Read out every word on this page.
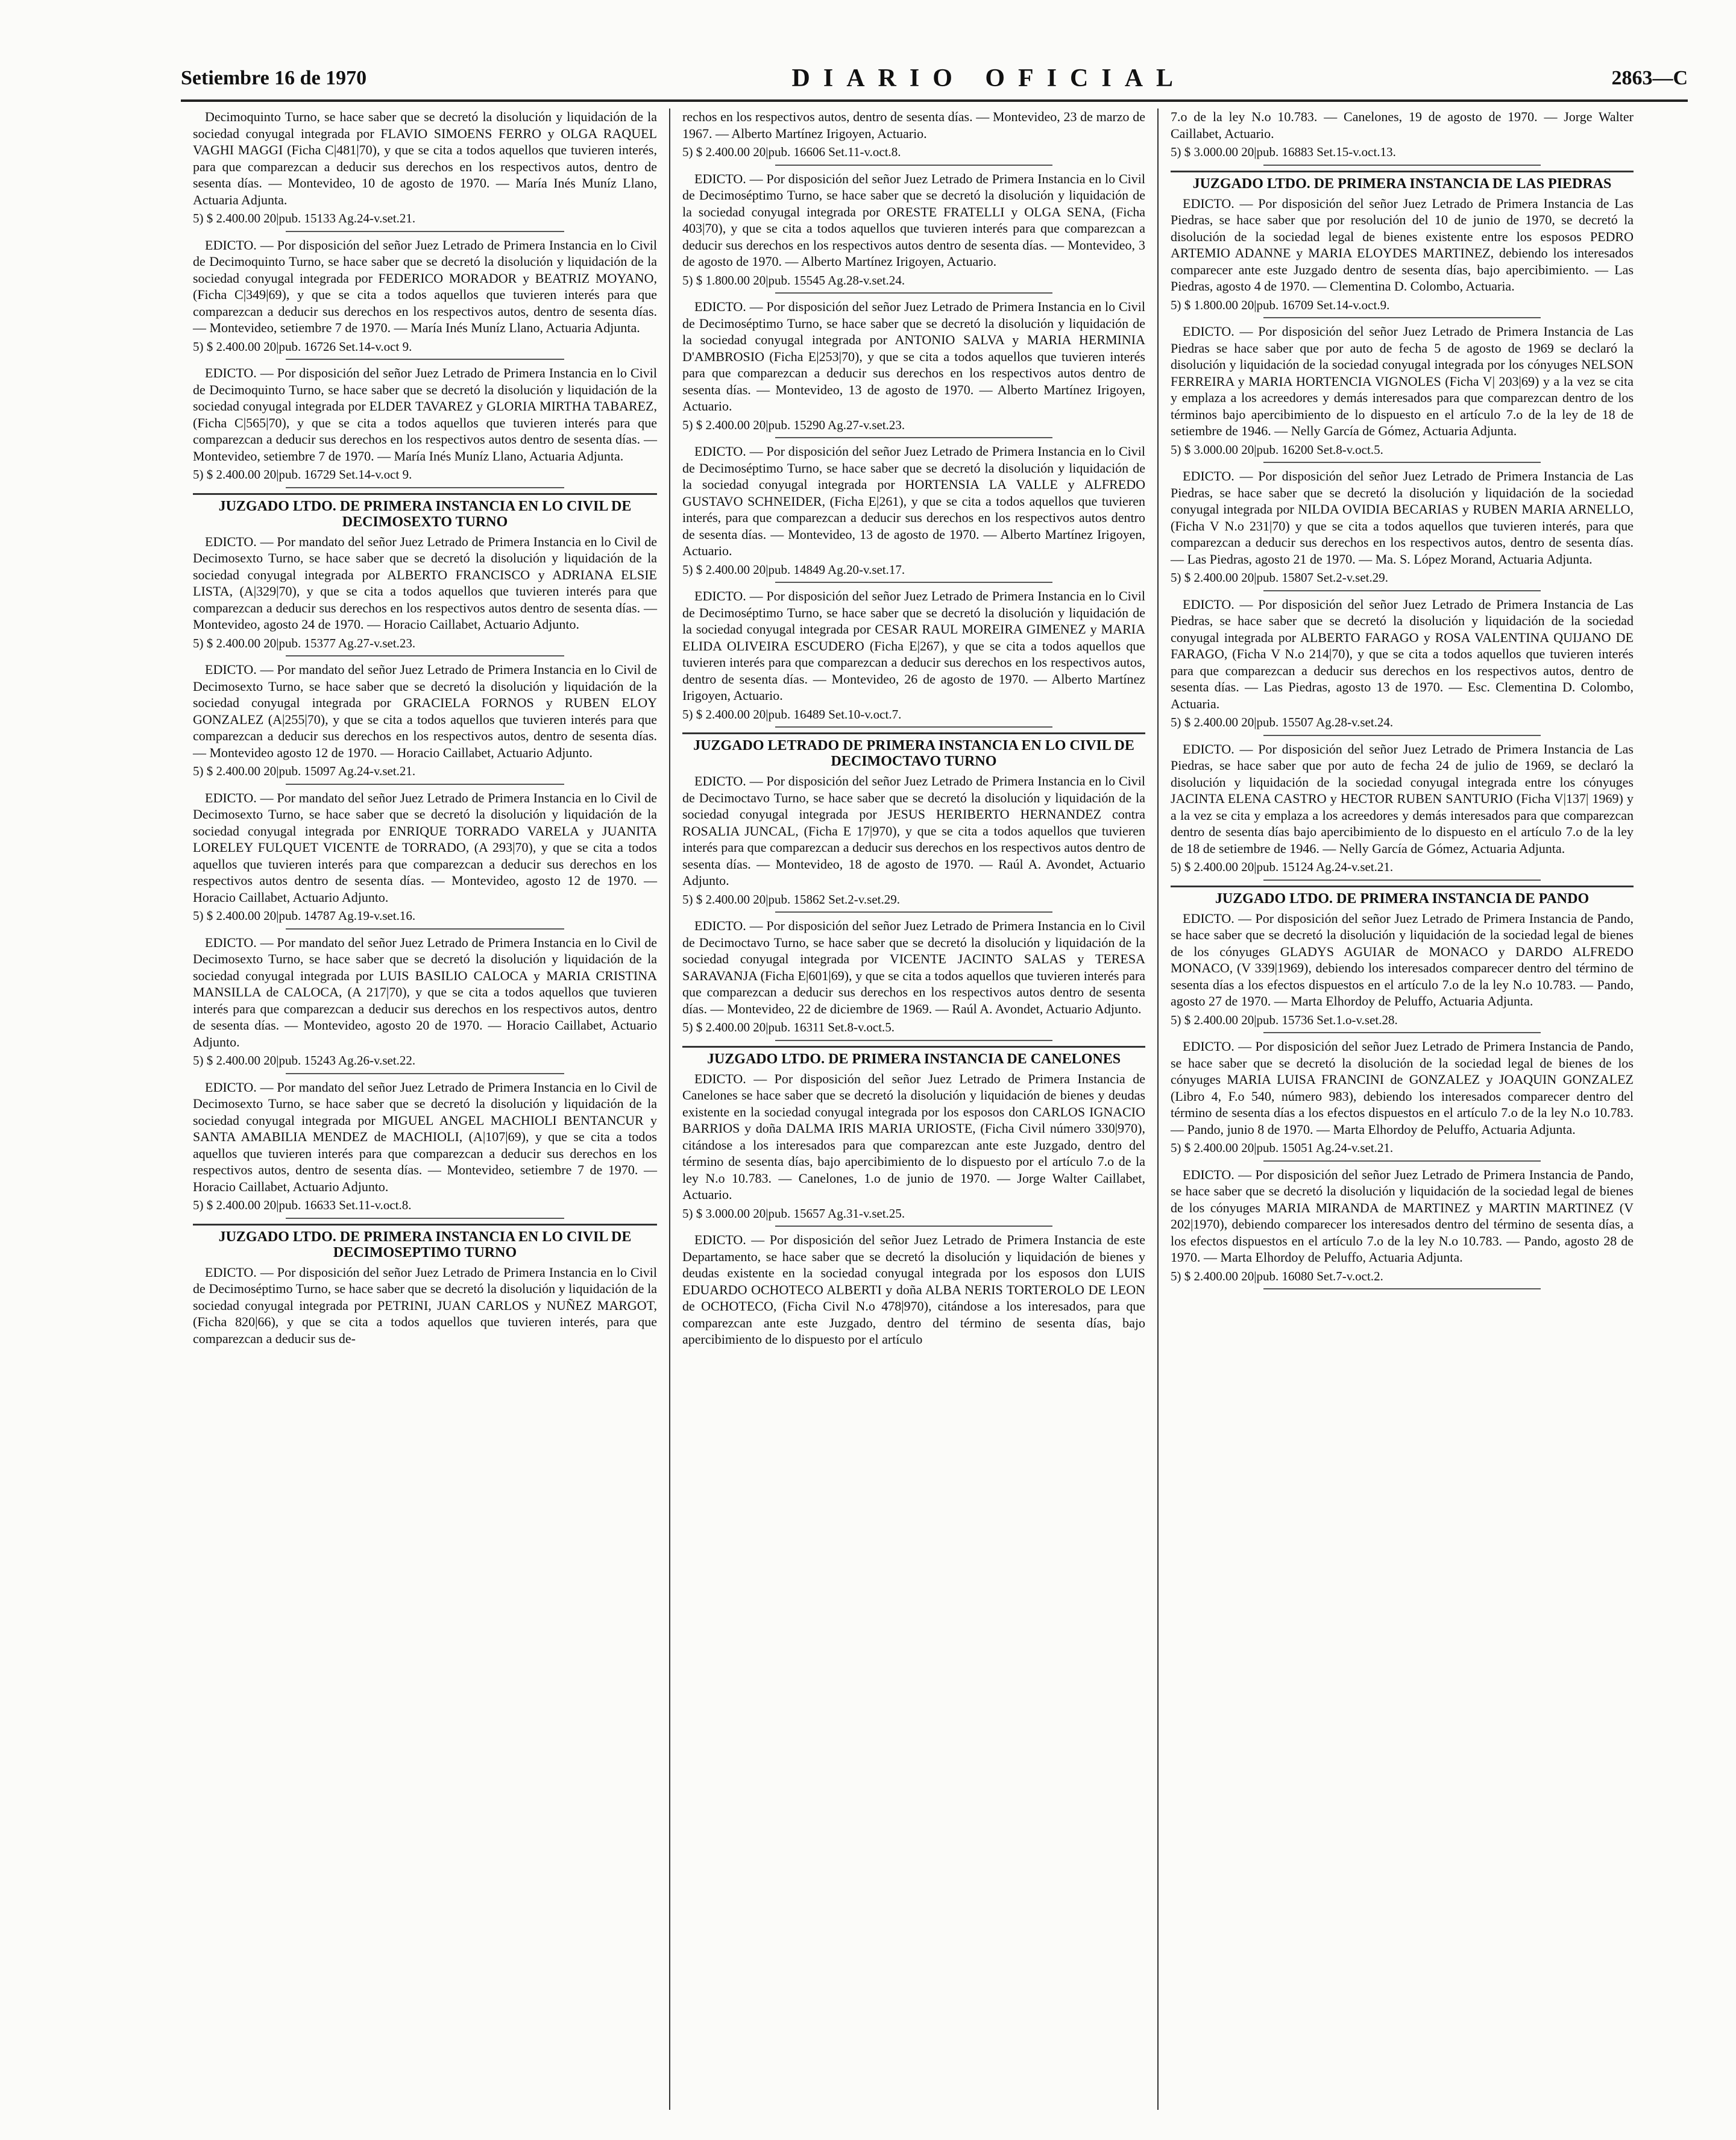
Setiembre 16 de 1970	DIARIO OFICIAL	2863—C

Decimoquinto Turno, se hace saber que se decretó la disolución y liquidación de la sociedad conyugal integrada por FLAVIO SIMOENS FERRO y OLGA RAQUEL VAGHI MAGGI (Ficha C|481|70), y que se cita a todos aquellos que tuvieren interés, para que comparezcan a deducir sus derechos en los respectivos autos, dentro de sesenta días. — Montevideo, 10 de agosto de 1970. — María Inés Muníz Llano, Actuaria Adjunta.

5) $ 2.400.00 20|pub. 15133 Ag.24-v.set.21.

EDICTO. — Por disposición del señor Juez Letrado de Primera Instancia en lo Civil de Decimoquinto Turno, se hace saber que se decretó la disolución y liquidación de la sociedad conyugal integrada por FEDERICO MORADOR y BEATRIZ MOYANO, (Ficha C|349|69), y que se cita a todos aquellos que tuvieren interés para que comparezcan a deducir sus derechos en los respectivos autos, dentro de sesenta días. — Montevideo, setiembre 7 de 1970. — María Inés Muníz Llano, Actuaria Adjunta.

5) $ 2.400.00 20|pub. 16726 Set.14-v.oct 9.

EDICTO. — Por disposición del señor Juez Letrado de Primera Instancia en lo Civil de Decimoquinto Turno, se hace saber que se decretó la disolución y liquidación de la sociedad conyugal integrada por ELDER TAVAREZ y GLORIA MIRTHA TABAREZ, (Ficha C|565|70), y que se cita a todos aquellos que tuvieren interés para que comparezcan a deducir sus derechos en los respectivos autos dentro de sesenta días. — Montevideo, setiembre 7 de 1970. — María Inés Muníz Llano, Actuaria Adjunta.

5) $ 2.400.00 20|pub. 16729 Set.14-v.oct 9.
JUZGADO LTDO. DE PRIMERA INSTANCIA EN LO CIVIL DE DECIMOSEXTO TURNO

EDICTO. — Por mandato del señor Juez Letrado de Primera Instancia en lo Civil de Decimosexto Turno, se hace saber que se decretó la disolución y liquidación de la sociedad conyugal integrada por ALBERTO FRANCISCO y ADRIANA ELSIE LISTA, (A|329|70), y que se cita a todos aquellos que tuvieren interés para que comparezcan a deducir sus derechos en los respectivos autos dentro de sesenta días. — Montevideo, agosto 24 de 1970. — Horacio Caillabet, Actuario Adjunto.

5) $ 2.400.00 20|pub. 15377 Ag.27-v.set.23.

EDICTO. — Por mandato del señor Juez Letrado de Primera Instancia en lo Civil de Decimosexto Turno, se hace saber que se decretó la disolución y liquidación de la sociedad conyugal integrada por GRACIELA FORNOS y RUBEN ELOY GONZALEZ (A|255|70), y que se cita a todos aquellos que tuvieren interés para que comparezcan a deducir sus derechos en los respectivos autos, dentro de sesenta días. — Montevideo agosto 12 de 1970. — Horacio Caillabet, Actuario Adjunto.

5) $ 2.400.00 20|pub. 15097 Ag.24-v.set.21.

EDICTO. — Por mandato del señor Juez Letrado de Primera Instancia en lo Civil de Decimosexto Turno, se hace saber que se decretó la disolución y liquidación de la sociedad conyugal integrada por ENRIQUE TORRADO VARELA y JUANITA LORELEY FULQUET VICENTE de TORRADO, (A 293|70), y que se cita a todos aquellos que tuvieren interés para que comparezcan a deducir sus derechos en los respectivos autos dentro de sesenta días. — Montevideo, agosto 12 de 1970. — Horacio Caillabet, Actuario Adjunto.

5) $ 2.400.00 20|pub. 14787 Ag.19-v.set.16.

EDICTO. — Por mandato del señor Juez Letrado de Primera Instancia en lo Civil de Decimosexto Turno, se hace saber que se decretó la disolución y liquidación de la sociedad conyugal integrada por LUIS BASILIO CALOCA y MARIA CRISTINA MANSILLA de CALOCA, (A 217|70), y que se cita a todos aquellos que tuvieren interés para que comparezcan a deducir sus derechos en los respectivos autos, dentro de sesenta días. — Montevideo, agosto 20 de 1970. — Horacio Caillabet, Actuario Adjunto.

5) $ 2.400.00 20|pub. 15243 Ag.26-v.set.22.

EDICTO. — Por mandato del señor Juez Letrado de Primera Instancia en lo Civil de Decimosexto Turno, se hace saber que se decretó la disolución y liquidación de la sociedad conyugal integrada por MIGUEL ANGEL MACHIOLI BENTANCUR y SANTA AMABILIA MENDEZ de MACHIOLI, (A|107|69), y que se cita a todos aquellos que tuvieren interés para que comparezcan a deducir sus derechos en los respectivos autos, dentro de sesenta días. — Montevideo, setiembre 7 de 1970. — Horacio Caillabet, Actuario Adjunto.

5) $ 2.400.00 20|pub. 16633 Set.11-v.oct.8.
JUZGADO LTDO. DE PRIMERA INSTANCIA EN LO CIVIL DE DECIMOSEPTIMO TURNO

EDICTO. — Por disposición del señor Juez Letrado de Primera Instancia en lo Civil de Decimoséptimo Turno, se hace saber que se decretó la disolución y liquidación de la sociedad conyugal integrada por PETRINI, JUAN CARLOS y NUÑEZ MARGOT, (Ficha 820|66), y que se cita a todos aquellos que tuvieren interés, para que comparezcan a deducir sus de-

rechos en los respectivos autos, dentro de sesenta días. — Montevideo, 23 de marzo de 1967. — Alberto Martínez Irigoyen, Actuario.

5) $ 2.400.00 20|pub. 16606 Set.11-v.oct.8.

EDICTO. — Por disposición del señor Juez Letrado de Primera Instancia en lo Civil de Decimoséptimo Turno, se hace saber que se decretó la disolución y liquidación de la sociedad conyugal integrada por ORESTE FRATELLI y OLGA SENA, (Ficha 403|70), y que se cita a todos aquellos que tuvieren interés para que comparezcan a deducir sus derechos en los respectivos autos dentro de sesenta días. — Montevideo, 3 de agosto de 1970. — Alberto Martínez Irigoyen, Actuario.

5) $ 1.800.00 20|pub. 15545 Ag.28-v.set.24.

EDICTO. — Por disposición del señor Juez Letrado de Primera Instancia en lo Civil de Decimoséptimo Turno, se hace saber que se decretó la disolución y liquidación de la sociedad conyugal integrada por ANTONIO SALVA y MARIA HERMINIA D'AMBROSIO (Ficha E|253|70), y que se cita a todos aquellos que tuvieren interés para que comparezcan a deducir sus derechos en los respectivos autos dentro de sesenta días. — Montevideo, 13 de agosto de 1970. — Alberto Martínez Irigoyen, Actuario.

5) $ 2.400.00 20|pub. 15290 Ag.27-v.set.23.

EDICTO. — Por disposición del señor Juez Letrado de Primera Instancia en lo Civil de Decimoséptimo Turno, se hace saber que se decretó la disolución y liquidación de la sociedad conyugal integrada por HORTENSIA LA VALLE y ALFREDO GUSTAVO SCHNEIDER, (Ficha E|261), y que se cita a todos aquellos que tuvieren interés, para que comparezcan a deducir sus derechos en los respectivos autos dentro de sesenta días. — Montevideo, 13 de agosto de 1970. — Alberto Martínez Irigoyen, Actuario.

5) $ 2.400.00 20|pub. 14849 Ag.20-v.set.17.

EDICTO. — Por disposición del señor Juez Letrado de Primera Instancia en lo Civil de Decimoséptimo Turno, se hace saber que se decretó la disolución y liquidación de la sociedad conyugal integrada por CESAR RAUL MOREIRA GIMENEZ y MARIA ELIDA OLIVEIRA ESCUDERO (Ficha E|267), y que se cita a todos aquellos que tuvieren interés para que comparezcan a deducir sus derechos en los respectivos autos, dentro de sesenta días. — Montevideo, 26 de agosto de 1970. — Alberto Martínez Irigoyen, Actuario.

5) $ 2.400.00 20|pub. 16489 Set.10-v.oct.7.
JUZGADO LETRADO DE PRIMERA INSTANCIA EN LO CIVIL DE DECIMOCTAVO TURNO

EDICTO. — Por disposición del señor Juez Letrado de Primera Instancia en lo Civil de Decimoctavo Turno, se hace saber que se decretó la disolución y liquidación de la sociedad conyugal integrada por JESUS HERIBERTO HERNANDEZ contra ROSALIA JUNCAL, (Ficha E 17|970), y que se cita a todos aquellos que tuvieren interés para que comparezcan a deducir sus derechos en los respectivos autos dentro de sesenta días. — Montevideo, 18 de agosto de 1970. — Raúl A. Avondet, Actuario Adjunto.

5) $ 2.400.00 20|pub. 15862 Set.2-v.set.29.

EDICTO. — Por disposición del señor Juez Letrado de Primera Instancia en lo Civil de Decimoctavo Turno, se hace saber que se decretó la disolución y liquidación de la sociedad conyugal integrada por VICENTE JACINTO SALAS y TERESA SARAVANJA (Ficha E|601|69), y que se cita a todos aquellos que tuvieren interés para que comparezcan a deducir sus derechos en los respectivos autos dentro de sesenta días. — Montevideo, 22 de diciembre de 1969. — Raúl A. Avondet, Actuario Adjunto.

5) $ 2.400.00 20|pub. 16311 Set.8-v.oct.5.
JUZGADO LTDO. DE PRIMERA INSTANCIA DE CANELONES

EDICTO. — Por disposición del señor Juez Letrado de Primera Instancia de Canelones se hace saber que se decretó la disolución y liquidación de bienes y deudas existente en la sociedad conyugal integrada por los esposos don CARLOS IGNACIO BARRIOS y doña DALMA IRIS MARIA URIOSTE, (Ficha Civil número 330|970), citándose a los interesados para que comparezcan ante este Juzgado, dentro del término de sesenta días, bajo apercibimiento de lo dispuesto por el artículo 7.o de la ley N.o 10.783. — Canelones, 1.o de junio de 1970. — Jorge Walter Caillabet, Actuario.

5) $ 3.000.00 20|pub. 15657 Ag.31-v.set.25.

EDICTO. — Por disposición del señor Juez Letrado de Primera Instancia de este Departamento, se hace saber que se decretó la disolución y liquidación de bienes y deudas existente en la sociedad conyugal integrada por los esposos don LUIS EDUARDO OCHOTECO ALBERTI y doña ALBA NERIS TORTEROLO DE LEON de OCHOTECO, (Ficha Civil N.o 478|970), citándose a los interesados, para que comparezcan ante este Juzgado, dentro del término de sesenta días, bajo apercibimiento de lo dispuesto por el artículo

7.o de la ley N.o 10.783. — Canelones, 19 de agosto de 1970. — Jorge Walter Caillabet, Actuario.

5) $ 3.000.00 20|pub. 16883 Set.15-v.oct.13.
JUZGADO LTDO. DE PRIMERA INSTANCIA DE LAS PIEDRAS

EDICTO. — Por disposición del señor Juez Letrado de Primera Instancia de Las Piedras, se hace saber que por resolución del 10 de junio de 1970, se decretó la disolución de la sociedad legal de bienes existente entre los esposos PEDRO ARTEMIO ADANNE y MARIA ELOYDES MARTINEZ, debiendo los interesados comparecer ante este Juzgado dentro de sesenta días, bajo apercibimiento. — Las Piedras, agosto 4 de 1970. — Clementina D. Colombo, Actuaria.

5) $ 1.800.00 20|pub. 16709 Set.14-v.oct.9.

EDICTO. — Por disposición del señor Juez Letrado de Primera Instancia de Las Piedras se hace saber que por auto de fecha 5 de agosto de 1969 se declaró la disolución y liquidación de la sociedad conyugal integrada por los cónyuges NELSON FERREIRA y MARIA HORTENCIA VIGNOLES (Ficha V| 203|69) y a la vez se cita y emplaza a los acreedores y demás interesados para que comparezcan dentro de los términos bajo apercibimiento de lo dispuesto en el artículo 7.o de la ley de 18 de setiembre de 1946. — Nelly García de Gómez, Actuaria Adjunta.

5) $ 3.000.00 20|pub. 16200 Set.8-v.oct.5.

EDICTO. — Por disposición del señor Juez Letrado de Primera Instancia de Las Piedras, se hace saber que se decretó la disolución y liquidación de la sociedad conyugal integrada por NILDA OVIDIA BECARIAS y RUBEN MARIA ARNELLO, (Ficha V N.o 231|70) y que se cita a todos aquellos que tuvieren interés, para que comparezcan a deducir sus derechos en los respectivos autos, dentro de sesenta días. — Las Piedras, agosto 21 de 1970. — Ma. S. López Morand, Actuaria Adjunta.

5) $ 2.400.00 20|pub. 15807 Set.2-v.set.29.

EDICTO. — Por disposición del señor Juez Letrado de Primera Instancia de Las Piedras, se hace saber que se decretó la disolución y liquidación de la sociedad conyugal integrada por ALBERTO FARAGO y ROSA VALENTINA QUIJANO DE FARAGO, (Ficha V N.o 214|70), y que se cita a todos aquellos que tuvieren interés para que comparezcan a deducir sus derechos en los respectivos autos, dentro de sesenta días. — Las Piedras, agosto 13 de 1970. — Esc. Clementina D. Colombo, Actuaria.

5) $ 2.400.00 20|pub. 15507 Ag.28-v.set.24.

EDICTO. — Por disposición del señor Juez Letrado de Primera Instancia de Las Piedras, se hace saber que por auto de fecha 24 de julio de 1969, se declaró la disolución y liquidación de la sociedad conyugal integrada entre los cónyuges JACINTA ELENA CASTRO y HECTOR RUBEN SANTURIO (Ficha V|137| 1969) y a la vez se cita y emplaza a los acreedores y demás interesados para que comparezcan dentro de sesenta días bajo apercibimiento de lo dispuesto en el artículo 7.o de la ley de 18 de setiembre de 1946. — Nelly García de Gómez, Actuaria Adjunta.

5) $ 2.400.00 20|pub. 15124 Ag.24-v.set.21.
JUZGADO LTDO. DE PRIMERA INSTANCIA DE PANDO

EDICTO. — Por disposición del señor Juez Letrado de Primera Instancia de Pando, se hace saber que se decretó la disolución y liquidación de la sociedad legal de bienes de los cónyuges GLADYS AGUIAR de MONACO y DARDO ALFREDO MONACO, (V 339|1969), debiendo los interesados comparecer dentro del término de sesenta días a los efectos dispuestos en el artículo 7.o de la ley N.o 10.783. — Pando, agosto 27 de 1970. — Marta Elhordoy de Peluffo, Actuaria Adjunta.

5) $ 2.400.00 20|pub. 15736 Set.1.o-v.set.28.

EDICTO. — Por disposición del señor Juez Letrado de Primera Instancia de Pando, se hace saber que se decretó la disolución de la sociedad legal de bienes de los cónyuges MARIA LUISA FRANCINI de GONZALEZ y JOAQUIN GONZALEZ (Libro 4, F.o 540, número 983), debiendo los interesados comparecer dentro del término de sesenta días a los efectos dispuestos en el artículo 7.o de la ley N.o 10.783. — Pando, junio 8 de 1970. — Marta Elhordoy de Peluffo, Actuaria Adjunta.

5) $ 2.400.00 20|pub. 15051 Ag.24-v.set.21.

EDICTO. — Por disposición del señor Juez Letrado de Primera Instancia de Pando, se hace saber que se decretó la disolución y liquidación de la sociedad legal de bienes de los cónyuges MARIA MIRANDA de MARTINEZ y MARTIN MARTINEZ (V 202|1970), debiendo comparecer los interesados dentro del término de sesenta días, a los efectos dispuestos en el artículo 7.o de la ley N.o 10.783. — Pando, agosto 28 de 1970. — Marta Elhordoy de Peluffo, Actuaria Adjunta.

5) $ 2.400.00 20|pub. 16080 Set.7-v.oct.2.
